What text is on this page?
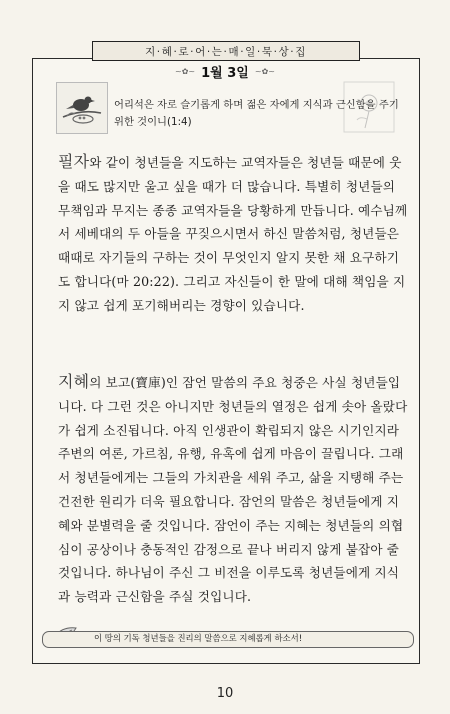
지·혜·로·어·는·매·일·묵·상·집
~✿~ 1월 3일 ~✿~
어리석은 자로 슬기롭게 하며 젊은 자에게 지식과 근신함을 주기 위한 것이니(1:4)
필자와 같이 청년들을 지도하는 교역자들은 청년들 때문에 웃을 때도 많지만 울고 싶을 때가 더 많습니다. 특별히 청년들의 무책임과 무지는 종종 교역자들을 당황하게 만듭니다. 예수님께서 세베대의 두 아들을 꾸짖으시면서 하신 말씀처럼, 청년들은 때때로 자기들의 구하는 것이 무엇인지 알지 못한 채 요구하기도 합니다(마 20:22). 그리고 자신들이 한 말에 대해 책임을 지지 않고 쉽게 포기해버리는 경향이 있습니다.
지혜의 보고(寶庫)인 잠언 말씀의 주요 청중은 사실 청년들입니다. 다 그런 것은 아니지만 청년들의 열정은 쉽게 솟아 올랐다가 쉽게 소진됩니다. 아직 인생관이 확립되지 않은 시기인지라 주변의 여론, 가르침, 유행, 유혹에 쉽게 마음이 끌립니다. 그래서 청년들에게는 그들의 가치관을 세워 주고, 삶을 지탱해 주는 건전한 원리가 더욱 필요합니다. 잠언의 말씀은 청년들에게 지혜와 분별력을 줄 것입니다. 잠언이 주는 지혜는 청년들의 의협심이 공상이나 충동적인 감정으로 끝나 버리지 않게 붙잡아 줄 것입니다. 하나님이 주신 그 비전을 이루도록 청년들에게 지식과 능력과 근신함을 주실 것입니다.
이 땅의 기독 청년들을 진리의 말씀으로 지혜롭게 하소서!
10
